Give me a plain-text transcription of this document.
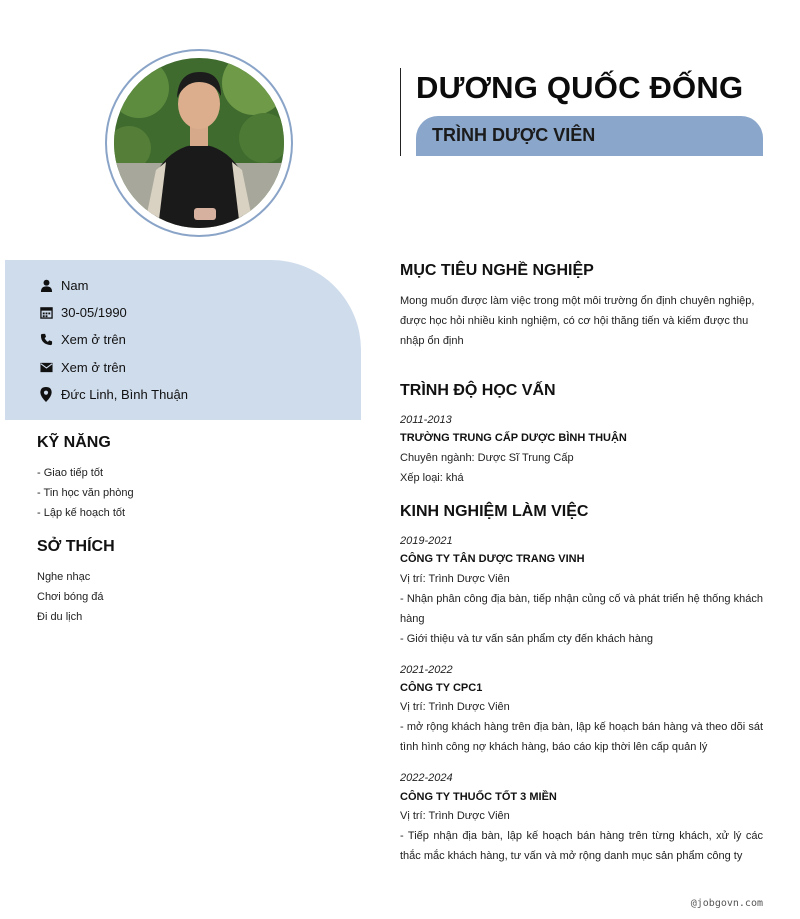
DƯƠNG QUỐC ĐỐNG
TRÌNH DƯỢC VIÊN
Nam
30-05/1990
Xem ở trên
Xem ở trên
Đức Linh, Bình Thuận
KỸ NĂNG
- Giao tiếp tốt
- Tin học văn phòng
- Lập kế hoạch tốt
SỞ THÍCH
Nghe nhạc
Chơi bóng đá
Đi du lịch
MỤC TIÊU NGHỀ NGHIỆP
Mong muốn được làm việc trong một môi trường ổn định chuyên nghiệp, được học hỏi nhiều kinh nghiệm, có cơ hội thăng tiến và kiếm được thu nhập ổn định
TRÌNH ĐỘ HỌC VẤN
2011-2013
TRƯỜNG TRUNG CẤP DƯỢC BÌNH THUẬN
Chuyên ngành: Dược Sĩ Trung Cấp
Xếp loại: khá
KINH NGHIỆM LÀM VIỆC
2019-2021
CÔNG TY TÂN DƯỢC TRANG VINH
Vị trí: Trình Dược Viên
- Nhận phân công địa bàn, tiếp nhận củng cố và phát triển hệ thống khách hàng
- Giới thiệu và tư vấn sản phẩm cty đến khách hàng
2021-2022
CÔNG TY CPC1
Vị trí: Trình Dược Viên
- mở rộng khách hàng trên địa bàn, lập kế hoạch bán hàng và theo dõi sát tình hình công nợ khách hàng, báo cáo kịp thời lên cấp quản lý
2022-2024
CÔNG TY THUỐC TỐT 3 MIỀN
Vị trí: Trình Dược Viên
- Tiếp nhận địa bàn, lập kế hoạch bán hàng trên từng khách, xử lý các thắc mắc khách hàng, tư vấn và mở rộng danh mục sản phẩm công ty
@jobgovn.com
